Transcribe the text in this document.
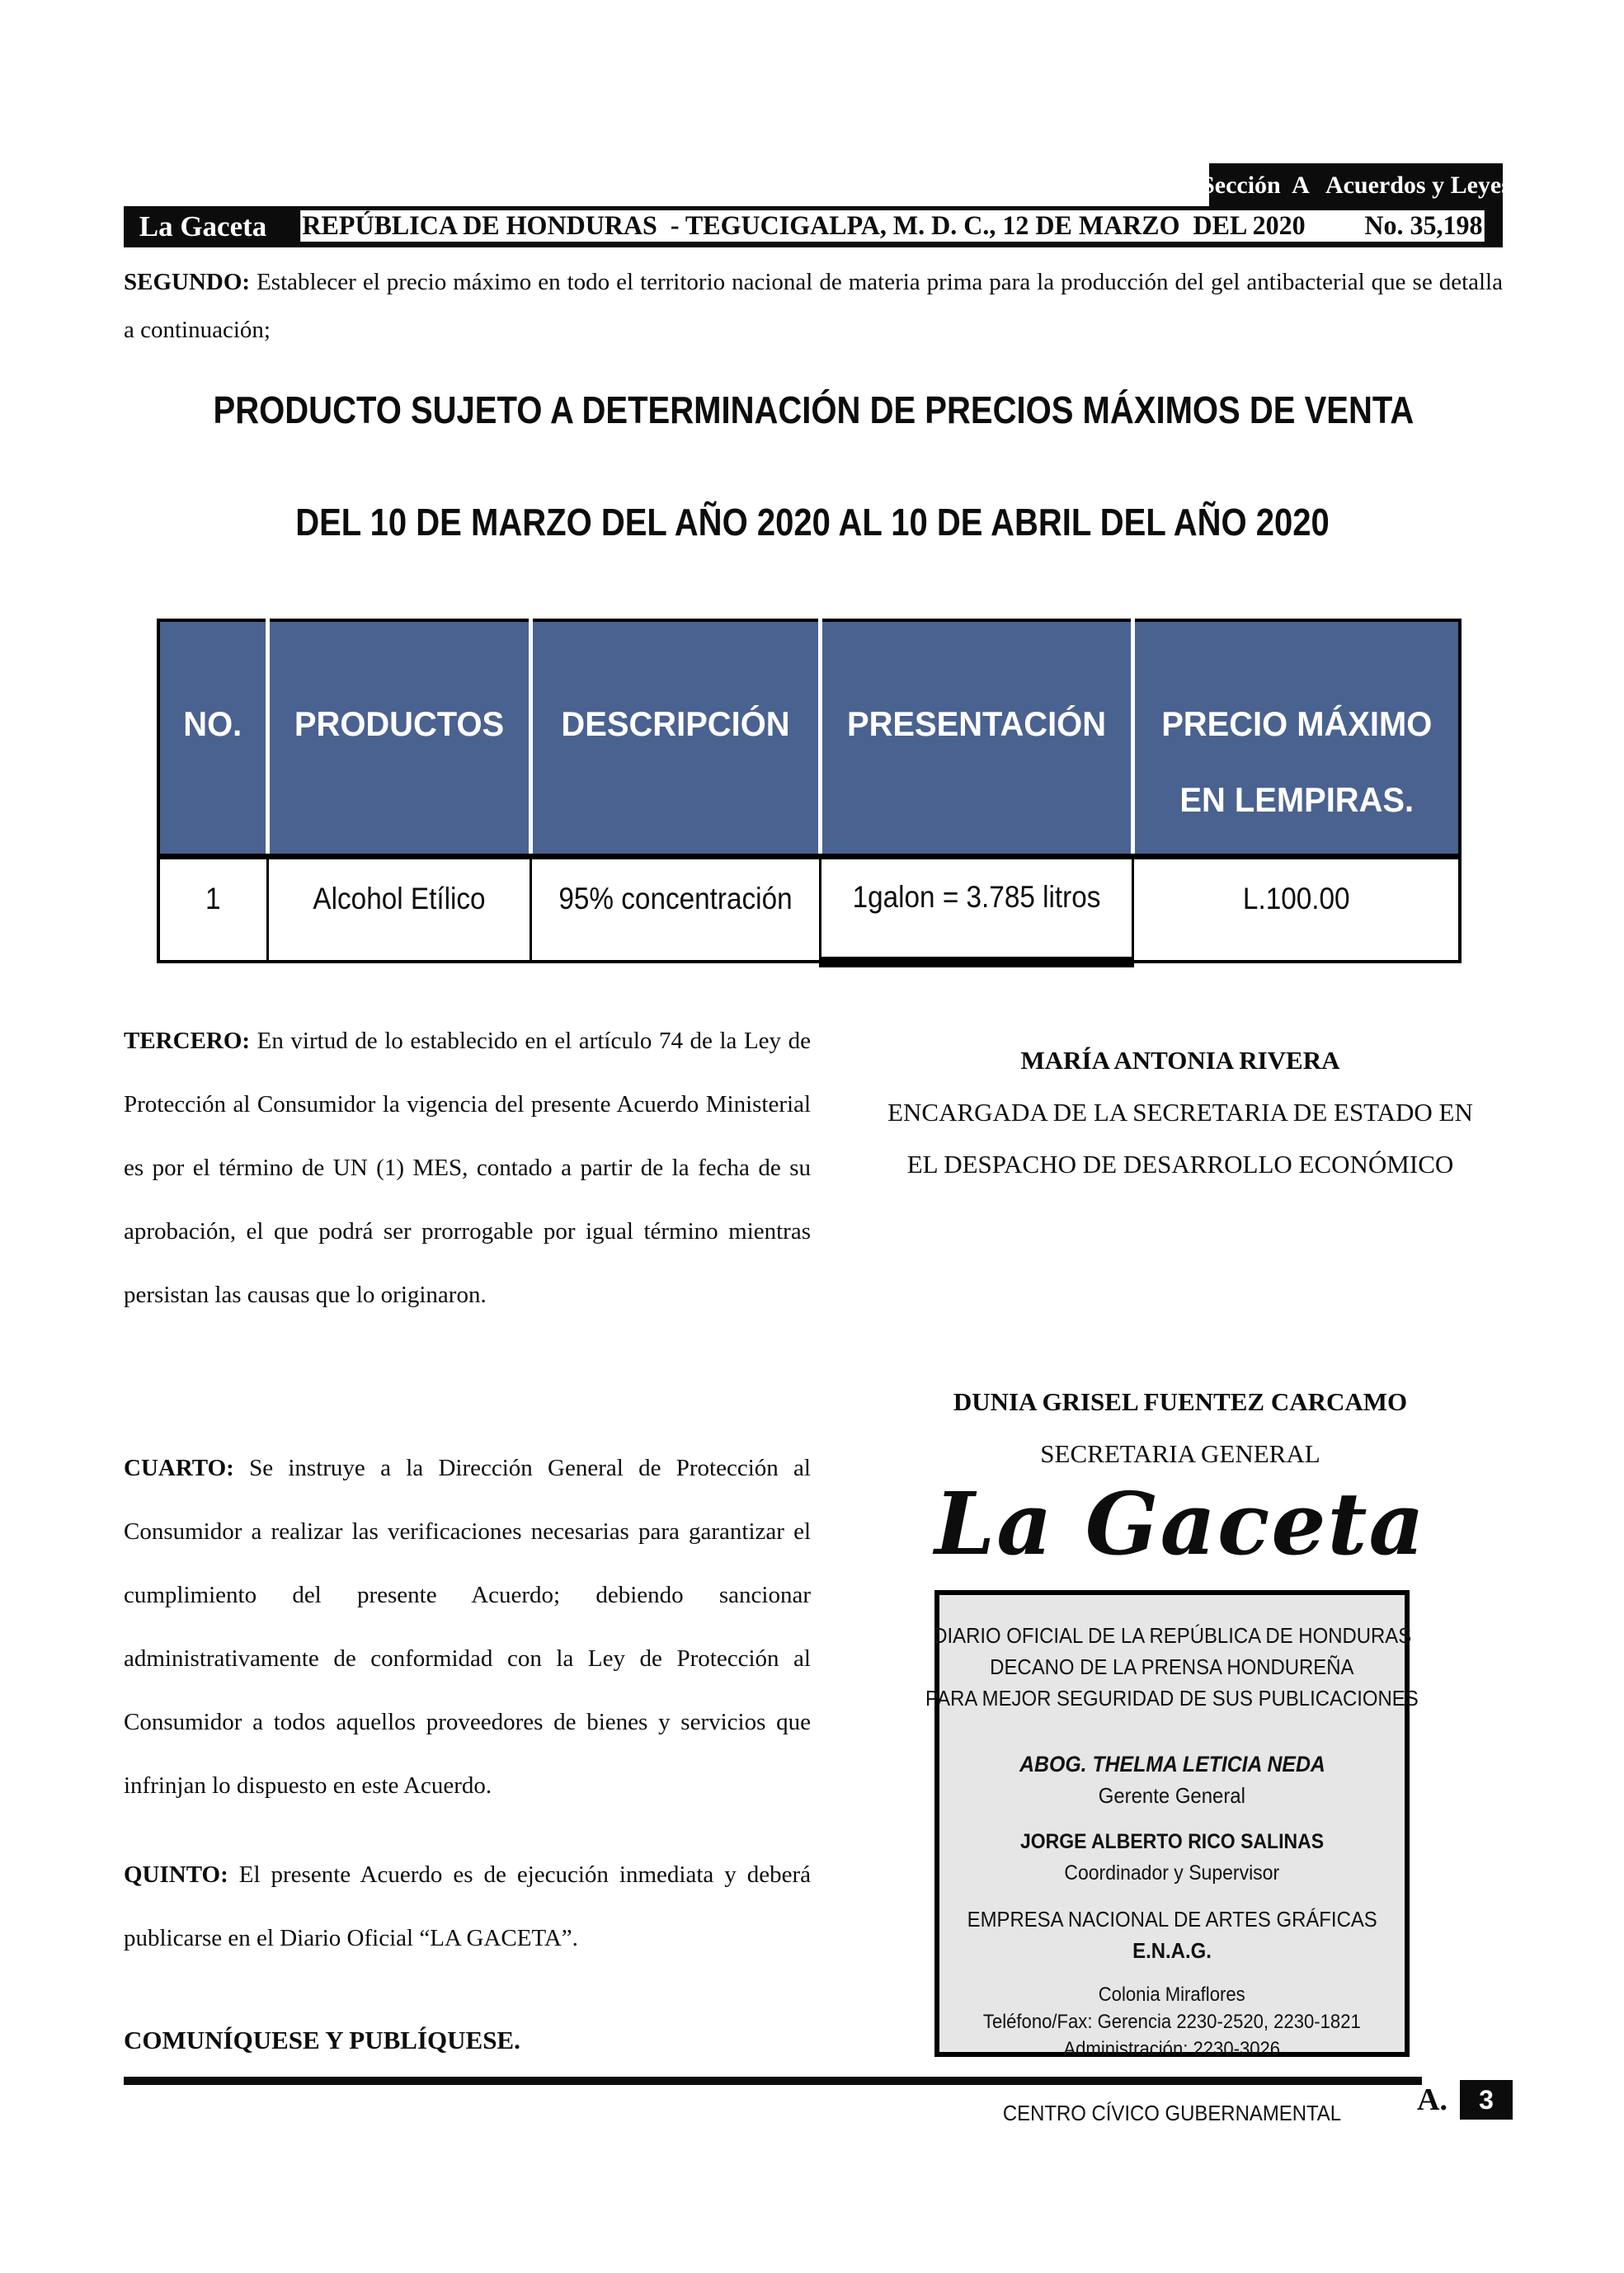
Sección  A   Acuerdos y Leyes
La Gaceta REPÚBLICA DE HONDURAS  - TEGUCIGALPA, M. D. C., 12 DE MARZO  DEL 2020 No. 35,198

SEGUNDO: Establecer el precio máximo en todo el territorio nacional de materia prima para la producción del gel antibacterial que se detalla a continuación;

PRODUCTO SUJETO A DETERMINACIÓN DE PRECIOS MÁXIMOS DE VENTA
DEL 10 DE MARZO DEL AÑO 2020 AL 10 DE ABRIL DEL AÑO 2020
NO.	PRODUCTOS	DESCRIPCIÓN	PRESENTACIÓN	PRECIO MÁXIMO
EN LEMPIRAS.

1	Alcohol Etílico	95% concentración	1galon = 3.785 litros	L.100.00

TERCERO: En virtud de lo establecido en el artículo 74 de la Ley de Protección al Consumidor la vigencia del presente Acuerdo Ministerial es por el término de UN (1) MES, contado a partir de la fecha de su aprobación, el que podrá ser prorrogable por igual término mientras persistan las causas que lo originaron.

MARÍA ANTONIA RIVERA
ENCARGADA DE LA SECRETARIA DE ESTADO EN
EL DESPACHO DE DESARROLLO ECONÓMICO
DUNIA GRISEL FUENTEZ CARCAMO
SECRETARIA GENERAL

CUARTO: Se instruye a la Dirección General de Protección al Consumidor a realizar las verificaciones necesarias para garantizar el cumplimiento del presente Acuerdo; debiendo sancionar administrativamente de conformidad con la Ley de Protección al Consumidor a todos aquellos proveedores de bienes y servicios que infrinjan lo dispuesto en este Acuerdo.

La Gaceta
DIARIO OFICIAL DE LA REPÚBLICA DE HONDURAS
DECANO DE LA PRENSA HONDUREÑA
PARA MEJOR SEGURIDAD DE SUS PUBLICACIONES
ABOG. THELMA LETICIA NEDA
Gerente General
JORGE ALBERTO RICO SALINAS
Coordinador y Supervisor
EMPRESA NACIONAL DE ARTES GRÁFICAS
E.N.A.G.
Colonia Miraflores
Teléfono/Fax: Gerencia 2230-2520, 2230-1821
Administración: 2230-3026
CENTRO CÍVICO GUBERNAMENTAL

QUINTO: El presente Acuerdo es de ejecución inmediata y deberá publicarse en el Diario Oficial “LA GACETA”.

COMUNÍQUESE Y PUBLÍQUESE.
A. 3
